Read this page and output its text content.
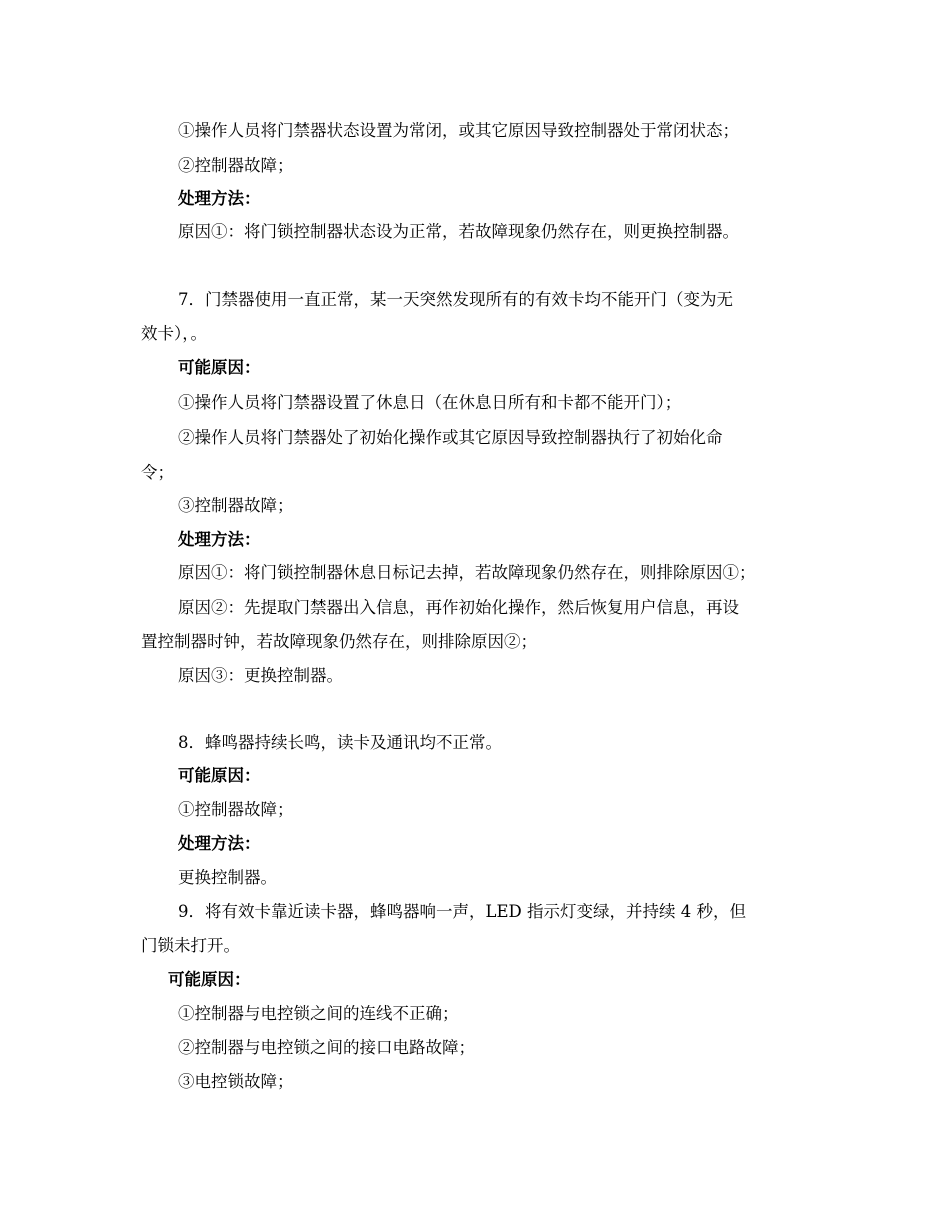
①操作人员将门禁器状态设置为常闭，或其它原因导致控制器处于常闭状态；
②控制器故障；
处理方法：
原因①：将门锁控制器状态设为正常，若故障现象仍然存在，则更换控制器。
7．门禁器使用一直正常，某一天突然发现所有的有效卡均不能开门（变为无
效卡），。
可能原因：
①操作人员将门禁器设置了休息日（在休息日所有和卡都不能开门）；
②操作人员将门禁器处了初始化操作或其它原因导致控制器执行了初始化命
令；
③控制器故障；
处理方法：
原因①：将门锁控制器休息日标记去掉，若故障现象仍然存在，则排除原因①；
原因②：先提取门禁器出入信息，再作初始化操作，然后恢复用户信息，再设
置控制器时钟，若故障现象仍然存在，则排除原因②；
原因③：更换控制器。
8．蜂鸣器持续长鸣，读卡及通讯均不正常。
可能原因：
①控制器故障；
处理方法：
更换控制器。
9．将有效卡靠近读卡器，蜂鸣器响一声，LED 指示灯变绿，并持续 4 秒，但
门锁未打开。
可能原因：
①控制器与电控锁之间的连线不正确；
②控制器与电控锁之间的接口电路故障；
③电控锁故障；
